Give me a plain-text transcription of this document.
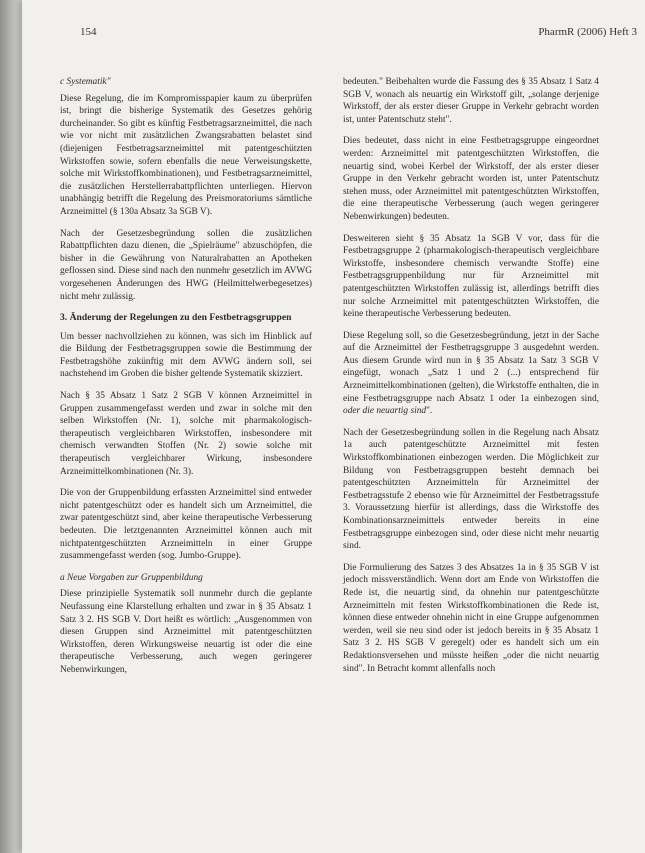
154	PharmR (2006) Heft 3
c Systematik"

Diese Regelung, die im Kompromisspapier kaum zu überprüfen ist, bringt die bisherige Systematik des Gesetzes gehörig durcheinander. So gibt es künftig Festbetragsarzneimittel, die nach wie vor nicht mit zusätzlichen Zwangsrabatten belastet sind (diejenigen Festbetragsarzneimittel mit patentgeschützten Wirkstoffen sowie, sofern ebenfalls die neue Verweisungskette, solche mit Wirkstoffkombinationen), und Festbetragsarzneimittel, die zusätzlichen Herstellerrabattpflichten unterliegen. Hiervon unabhängig betrifft die Regelung des Preismoratoriums sämtliche Arzneimittel (§ 130a Absatz 3a SGB V).

Nach der Gesetzesbegründung sollen die zusätzlichen Rabattpflichten dazu dienen, die „Spielräume" abzuschöpfen, die bisher in die Gewährung von Naturalrabatten an Apotheken geflossen sind. Diese sind nach den nunmehr gesetzlich im AVWG vorgesehenen Änderungen des HWG (Heilmittelwerbegesetzes) nicht mehr zulässig.

3. Änderung der Regelungen zu den Festbetragsgruppen

Um besser nachvollziehen zu können, was sich im Hinblick auf die Bildung der Festbetragsgruppen sowie die Bestimmung der Festbetragshöhe zukünftig mit dem AVWG ändern soll, sei nachstehend im Groben die bisher geltende Systematik skizziert.

Nach § 35 Absatz 1 Satz 2 SGB V können Arzneimittel in Gruppen zusammengefasst werden und zwar in solche mit den selben Wirkstoffen (Nr. 1), solche mit pharmakologisch-therapeutisch vergleichbaren Wirkstoffen, insbesondere mit chemisch verwandten Stoffen (Nr. 2) sowie solche mit therapeutisch vergleichbarer Wirkung, insbesondere Arzneimittelkombinationen (Nr. 3).

Die von der Gruppenbildung erfassten Arzneimittel sind entweder nicht patentgeschützt oder es handelt sich um Arzneimittel, die zwar patentgeschützt sind, aber keine therapeutische Verbesserung bedeuten. Die letztgenannten Arzneimittel können auch mit nichtpatentgeschützten Arzneimitteln in einer Gruppe zusammengefasst werden (sog. Jumbo-Gruppe).

a Neue Vorgaben zur Gruppenbildung

Diese prinzipielle Systematik soll nunmehr durch die geplante Neufassung eine Klarstellung erhalten und zwar in § 35 Absatz 1 Satz 3 2. HS SGB V. Dort heißt es wörtlich: „Ausgenommen von diesen Gruppen sind Arzneimittel mit patentgeschützten Wirkstoffen, deren Wirkungsweise neuartig ist oder die eine therapeutische Verbesserung, auch wegen geringerer Nebenwirkungen,

bedeuten." Beibehalten wurde die Fassung des § 35 Absatz 1 Satz 4 SGB V, wonach als neuartig ein Wirkstoff gilt, „solange derjenige Wirkstoff, der als erster dieser Gruppe in Verkehr gebracht worden ist, unter Patentschutz steht".

Dies bedeutet, dass nicht in eine Festbetragsgruppe eingeordnet werden: Arzneimittel mit patentgeschützten Wirkstoffen, die neuartig sind, wobei Kerbel der Wirkstoff, der als erster dieser Gruppe in den Verkehr gebracht worden ist, unter Patentschutz stehen muss, oder Arzneimittel mit patentgeschützten Wirkstoffen, die eine therapeutische Verbesserung (auch wegen geringerer Nebenwirkungen) bedeuten.

Desweiteren sieht § 35 Absatz 1a SGB V vor, dass für die Festbetragsgruppe 2 (pharmakologisch-therapeutisch vergleichbare Wirkstoffe, insbesondere chemisch verwandte Stoffe) eine Festbetragsgruppenbildung nur für Arzneimittel mit patentgeschützten Wirkstoffen zulässig ist, allerdings betrifft dies nur solche Arzneimittel mit patentgeschützten Wirkstoffen, die keine therapeutische Verbesserung bedeuten.

Diese Regelung soll, so die Gesetzesbegründung, jetzt in der Sache auf die Arzneimittel der Festbetragsgruppe 3 ausgedehnt werden. Aus diesem Grunde wird nun in § 35 Absatz 1a Satz 3 SGB V eingefügt, wonach „Satz 1 und 2 (...) entsprechend für Arzneimittelkombinationen (gelten), die Wirkstoffe enthalten, die in eine Festbetragsgruppe nach Absatz 1 oder 1a einbezogen sind, oder die neuartig sind".

Nach der Gesetzesbegründung sollen in die Regelung nach Absatz 1a auch patentgeschützte Arzneimittel mit festen Wirkstoffkombinationen einbezogen werden. Die Möglichkeit zur Bildung von Festbetragsgruppen besteht demnach bei patentgeschützten Arzneimitteln für Arzneimittel der Festbetragsstufe 2 ebenso wie für Arzneimittel der Festbetragsstufe 3. Voraussetzung hierfür ist allerdings, dass die Wirkstoffe des Kombinationsarzneimittels entweder bereits in eine Festbetragsgruppe einbezogen sind, oder diese nicht mehr neuartig sind.

Die Formulierung des Satzes 3 des Absatzes 1a in § 35 SGB V ist jedoch missverständlich. Wenn dort am Ende von Wirkstoffen die Rede ist, die neuartig sind, da ohnehin nur patentgeschützte Arzneimitteln mit festen Wirkstoffkombinationen die Rede ist, können diese entweder ohnehin nicht in eine Gruppe aufgenommen werden, weil sie neu sind oder ist jedoch bereits in § 35 Absatz 1 Satz 3 2. HS SGB V geregelt) oder es handelt sich um ein Redaktionsversehen und müsste heißen „oder die nicht neuartig sind". In Betracht kommt allenfalls noch
